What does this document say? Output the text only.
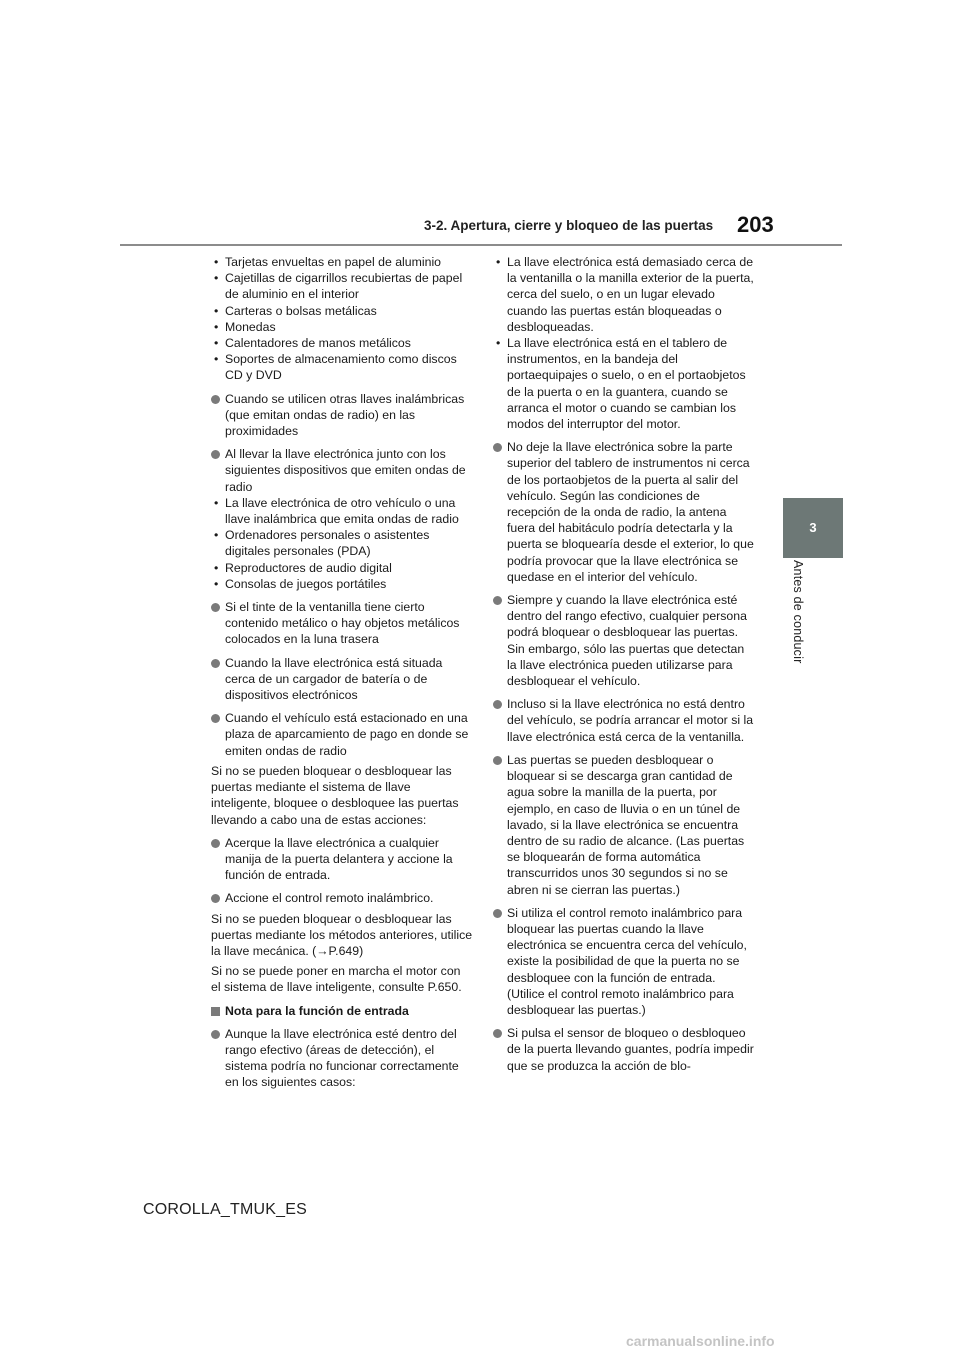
3-2. Apertura, cierre y bloqueo de las puertas 203
3
Antes de conducir
• Tarjetas envueltas en papel de aluminio
• Cajetillas de cigarrillos recubiertas de papel de aluminio en el interior
• Carteras o bolsas metálicas
• Monedas
• Calentadores de manos metálicos
• Soportes de almacenamiento como discos CD y DVD
Cuando se utilicen otras llaves inalámbricas (que emitan ondas de radio) en las proximidades
Al llevar la llave electrónica junto con los siguientes dispositivos que emiten ondas de radio
• La llave electrónica de otro vehículo o una llave inalámbrica que emita ondas de radio
• Ordenadores personales o asistentes digitales personales (PDA)
• Reproductores de audio digital
• Consolas de juegos portátiles
Si el tinte de la ventanilla tiene cierto contenido metálico o hay objetos metálicos colocados en la luna trasera
Cuando la llave electrónica está situada cerca de un cargador de batería o de dispositivos electrónicos
Cuando el vehículo está estacionado en una plaza de aparcamiento de pago en donde se emiten ondas de radio
Si no se pueden bloquear o desbloquear las puertas mediante el sistema de llave inteligente, bloquee o desbloquee las puertas llevando a cabo una de estas acciones:
Acerque la llave electrónica a cualquier manija de la puerta delantera y accione la función de entrada.
Accione el control remoto inalámbrico.
Si no se pueden bloquear o desbloquear las puertas mediante los métodos anteriores, utilice la llave mecánica. (→P.649)
Si no se puede poner en marcha el motor con el sistema de llave inteligente, consulte P.650.
Nota para la función de entrada
Aunque la llave electrónica esté dentro del rango efectivo (áreas de detección), el sistema podría no funcionar correctamente en los siguientes casos:
• La llave electrónica está demasiado cerca de la ventanilla o la manilla exterior de la puerta, cerca del suelo, o en un lugar elevado cuando las puertas están bloqueadas o desbloqueadas.
• La llave electrónica está en el tablero de instrumentos, en la bandeja del portaequipajes o suelo, o en el portaobjetos de la puerta o en la guantera, cuando se arranca el motor o cuando se cambian los modos del interruptor del motor.
No deje la llave electrónica sobre la parte superior del tablero de instrumentos ni cerca de los portaobjetos de la puerta al salir del vehículo. Según las condiciones de recepción de la onda de radio, la antena fuera del habitáculo podría detectarla y la puerta se bloquearía desde el exterior, lo que podría provocar que la llave electrónica se quedase en el interior del vehículo.
Siempre y cuando la llave electrónica esté dentro del rango efectivo, cualquier persona podrá bloquear o desbloquear las puertas. Sin embargo, sólo las puertas que detectan la llave electrónica pueden utilizarse para desbloquear el vehículo.
Incluso si la llave electrónica no está dentro del vehículo, se podría arrancar el motor si la llave electrónica está cerca de la ventanilla.
Las puertas se pueden desbloquear o bloquear si se descarga gran cantidad de agua sobre la manilla de la puerta, por ejemplo, en caso de lluvia o en un túnel de lavado, si la llave electrónica se encuentra dentro de su radio de alcance. (Las puertas se bloquearán de forma automática transcurridos unos 30 segundos si no se abren ni se cierran las puertas.)
Si utiliza el control remoto inalámbrico para bloquear las puertas cuando la llave electrónica se encuentra cerca del vehículo, existe la posibilidad de que la puerta no se desbloquee con la función de entrada. (Utilice el control remoto inalámbrico para desbloquear las puertas.)
Si pulsa el sensor de bloqueo o desbloqueo de la puerta llevando guantes, podría impedir que se produzca la acción de blo-
COROLLA_TMUK_ES
carmanualsonline.info
